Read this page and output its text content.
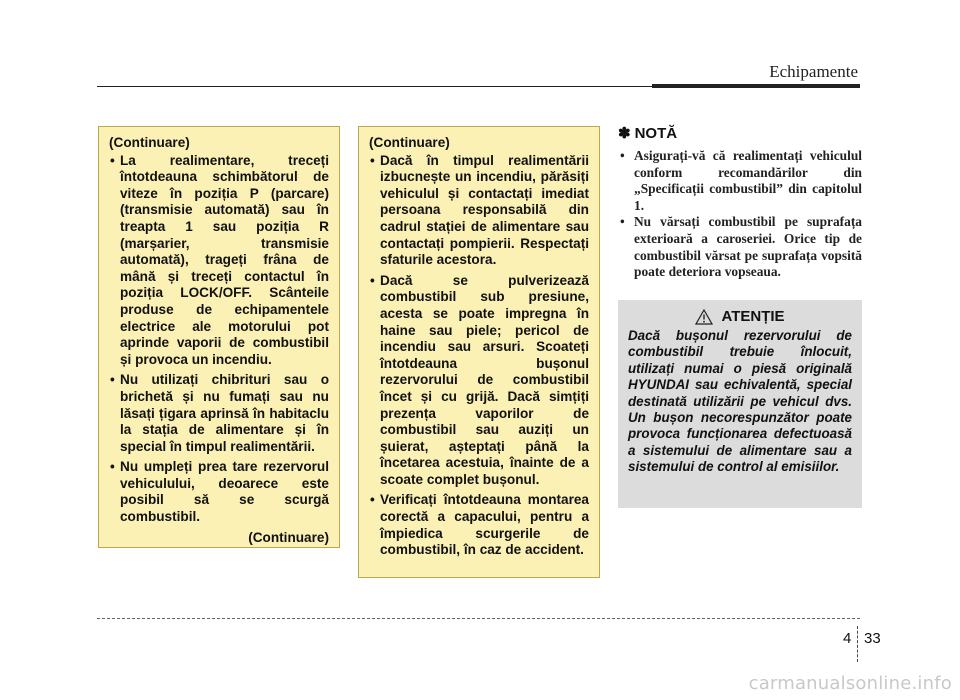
Echipamente
(Continuare)
• La realimentare, treceți întotdeauna schimbătorul de viteze în poziția P (parcare) (transmisie automată) sau în treapta 1 sau poziția R (marșarier, transmisie automată), trageți frâna de mână și treceți contactul în poziția LOCK/OFF. Scânteile produse de echipamentele electrice ale motorului pot aprinde vaporii de combustibil și provoca un incendiu.
• Nu utilizați chibrituri sau o brichetă și nu fumați sau nu lăsați țigara aprinsă în habitaclu la stația de alimentare și în special în timpul realimentării.
• Nu umpleți prea tare rezervorul vehiculului, deoarece este posibil să se scurgă combustibil.
(Continuare)
(Continuare)
• Dacă în timpul realimentării izbucnește un incendiu, părăsiți vehiculul și contactați imediat persoana responsabilă din cadrul stației de alimentare sau contactați pompierii. Respectați sfaturile acestora.
• Dacă se pulverizează combustibil sub presiune, acesta se poate impregna în haine sau piele; pericol de incendiu sau arsuri. Scoateți întotdeauna bușonul rezervorului de combustibil încet și cu grijă. Dacă simțiți prezența vaporilor de combustibil sau auziți un șuierat, așteptați până la încetarea acestuia, înainte de a scoate complet bușonul.
• Verificați întotdeauna montarea corectă a capacului, pentru a împiedica scurgerile de combustibil, în caz de accident.
✽ NOTĂ
• Asigurați-vă că realimentați vehiculul conform recomandărilor din „Specificații combustibil” din capitolul 1.
• Nu vărsați combustibil pe suprafața exterioară a caroseriei. Orice tip de combustibil vărsat pe suprafața vopsită poate deteriora vopseaua.
ATENȚIE
Dacă bușonul rezervorului de combustibil trebuie înlocuit, utilizați numai o piesă originală HYUNDAI sau echivalentă, special destinată utilizării pe vehicul dvs. Un bușon necorespunzător poate provoca funcționarea defectuoasă a sistemului de alimentare sau a sistemului de control al emisiilor.
4 33
carmanualsonline.info
